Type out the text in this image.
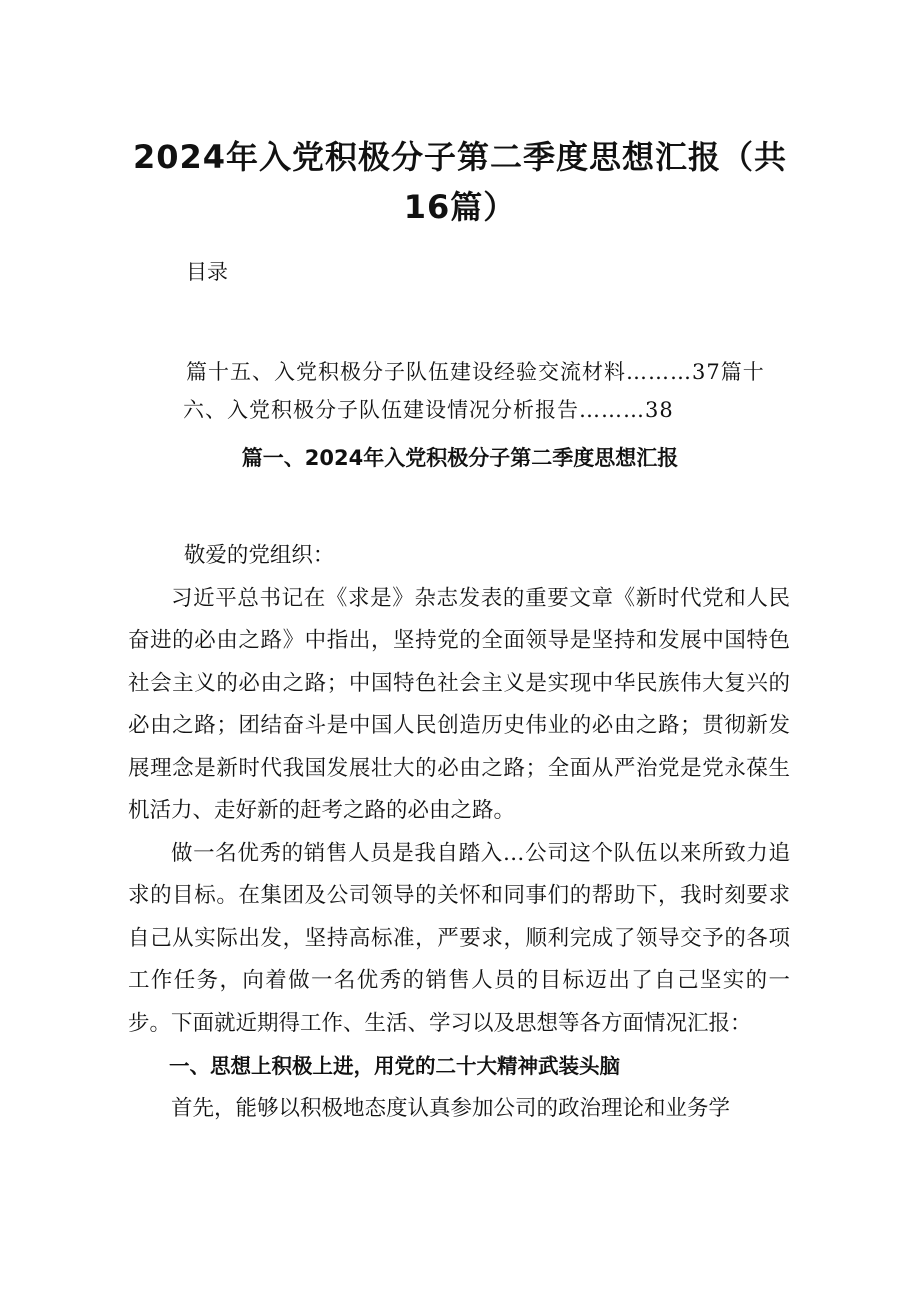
2024年入党积极分子第二季度思想汇报（共16篇）
目录
篇十五、入党积极分子队伍建设经验交流材料………37篇十
六、入党积极分子队伍建设情况分析报告………38
篇一、2024年入党积极分子第二季度思想汇报

敬爱的党组织：

习近平总书记在《求是》杂志发表的重要文章《新时代党和人民奋进的必由之路》中指出，坚持党的全面领导是坚持和发展中国特色社会主义的必由之路；中国特色社会主义是实现中华民族伟大复兴的必由之路；团结奋斗是中国人民创造历史伟业的必由之路；贯彻新发展理念是新时代我国发展壮大的必由之路；全面从严治党是党永葆生机活力、走好新的赶考之路的必由之路。

做一名优秀的销售人员是我自踏入…公司这个队伍以来所致力追求的目标。在集团及公司领导的关怀和同事们的帮助下，我时刻要求自己从实际出发，坚持高标准，严要求，顺利完成了领导交予的各项工作任务，向着做一名优秀的销售人员的目标迈出了自己坚实的一步。下面就近期得工作、生活、学习以及思想等各方面情况汇报：

一、思想上积极上进，用党的二十大精神武装头脑

首先，能够以积极地态度认真参加公司的政治理论和业务学
